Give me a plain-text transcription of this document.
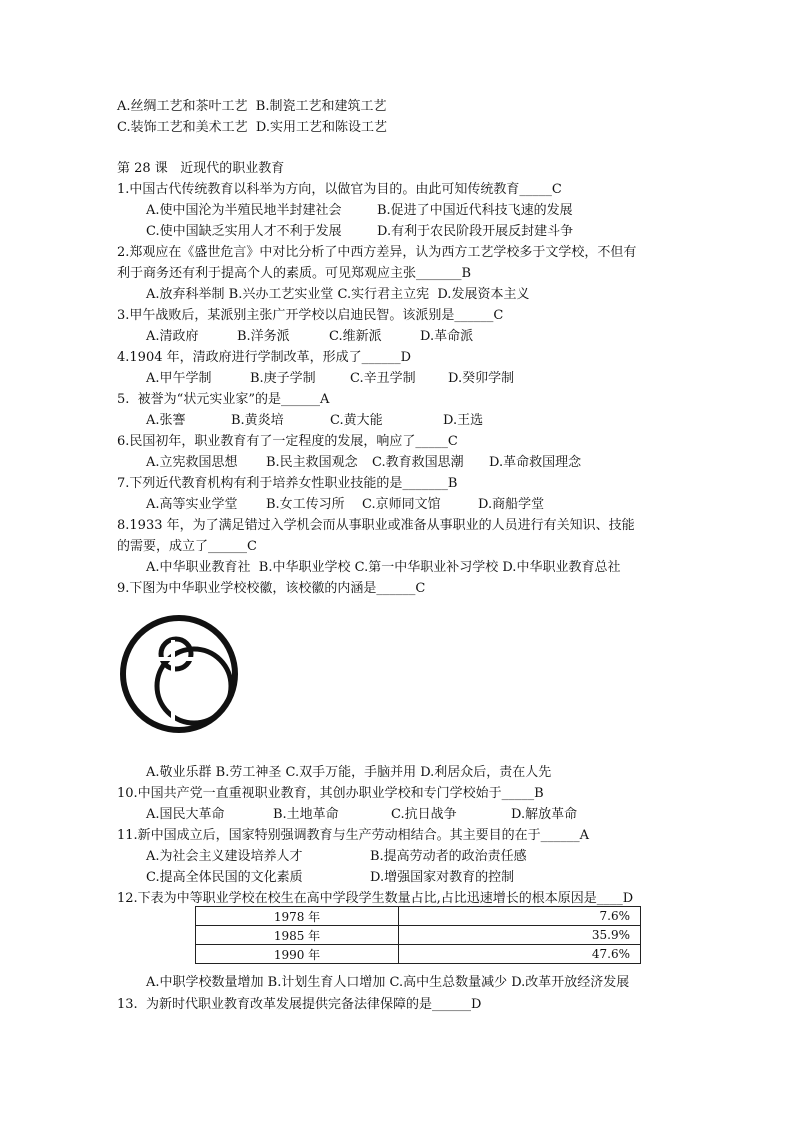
A.丝绸工艺和茶叶工艺  B.制瓷工艺和建筑工艺
C.装饰工艺和美术工艺  D.实用工艺和陈设工艺
第 28 课   近现代的职业教育
1.中国古代传统教育以科举为方向，以做官为目的。由此可知传统教育_____C
A.使中国沦为半殖民地半封建社会	B.促进了中国近代科技飞速的发展
C.使中国缺乏实用人才不利于发展	D.有利于农民阶段开展反封建斗争
2.郑观应在《盛世危言》中对比分析了中西方差异，认为西方工艺学校多于文学校，不但有
利于商务还有利于提高个人的素质。可见郑观应主张_______B
A.放弃科举制 B.兴办工艺实业堂 C.实行君主立宪  D.发展资本主义
3.甲午战败后，某派别主张广开学校以启迪民智。该派别是______C
A.清政府	B.洋务派	C.维新派	D.革命派
4.1904 年，清政府进行学制改革，形成了______D
A.甲午学制	B.庚子学制	C.辛丑学制 D.癸卯学制
5.  被誉为“状元实业家”的是______A
A.张謇	B.黄炎培	C.黄大能	D.王选
6.民国初年，职业教育有了一定程度的发展，响应了_____C
A.立宪救国思想 B.民主救国观念 C.教育救国思潮 D.革命救国理念
7.下列近代教育机构有利于培养女性职业技能的是_______B
A.高等实业学堂 B.女工传习所 C.京师同文馆	D.商船学堂
8.1933 年，为了满足错过入学机会而从事职业或准备从事职业的人员进行有关知识、技能
的需要，成立了______C
A.中华职业教育社  B.中华职业学校 C.第一中华职业补习学校 D.中华职业教育总社
9.下图为中华职业学校校徽，该校徽的内涵是______C
A.敬业乐群 B.劳工神圣 C.双手万能，手脑并用 D.利居众后，责在人先
10.中国共产党一直重视职业教育，其创办职业学校和专门学校始于_____B
A.国民大革命	B.土地革命	C.抗日战争	D.解放革命
11.新中国成立后，国家特别强调教育与生产劳动相结合。其主要目的在于______A
A.为社会主义建设培养人才	B.提高劳动者的政治责任感
C.提高全体民国的文化素质	D.增强国家对教育的控制
12.下表为中等职业学校在校生在高中学段学生数量占比,占比迅速增长的根本原因是____D
1978 年	7.6%
1985 年	35.9%
1990 年	47.6%
A.中职学校数量增加 B.计划生育人口增加 C.高中生总数量减少 D.改革开放经济发展
13.  为新时代职业教育改革发展提供完备法律保障的是______D
